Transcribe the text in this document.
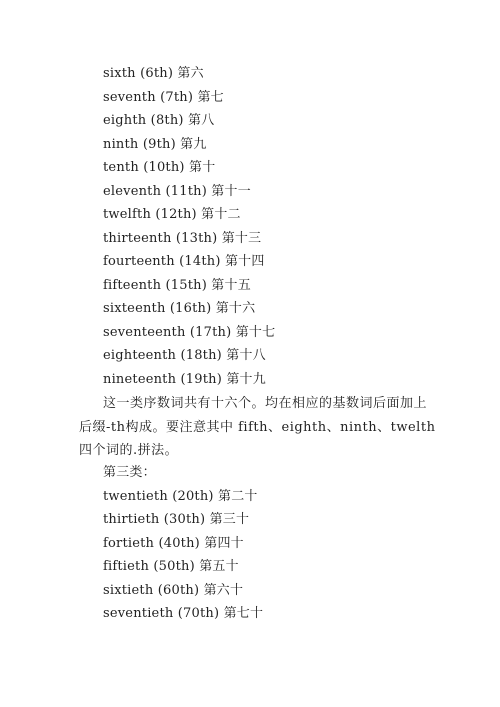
sixth (6th) 第六
seventh (7th) 第七
eighth (8th) 第八
ninth (9th) 第九
tenth (10th) 第十
eleventh (11th) 第十一
twelfth (12th) 第十二
thirteenth (13th) 第十三
fourteenth (14th) 第十四
fifteenth (15th) 第十五
sixteenth (16th) 第十六
seventeenth (17th) 第十七
eighteenth (18th) 第十八
nineteenth (19th) 第十九
这一类序数词共有十六个。均在相应的基数词后面加上后缀-th构成。要注意其中 fifth、eighth、ninth、twelth四个词的.拼法。
第三类：
twentieth (20th) 第二十
thirtieth (30th) 第三十
fortieth (40th) 第四十
fiftieth (50th) 第五十
sixtieth (60th) 第六十
seventieth (70th) 第七十
